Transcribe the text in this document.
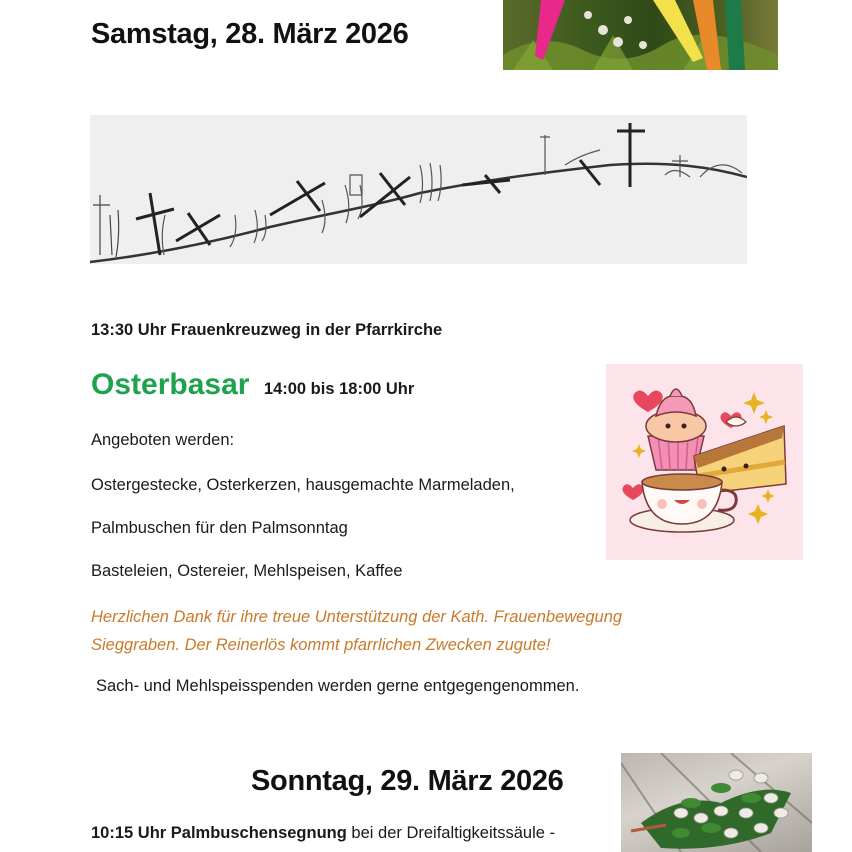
Samstag, 28. März 2026
13:30 Uhr Frauenkreuzweg in der Pfarrkirche
Osterbasar 14:00 bis 18:00 Uhr
Angeboten werden:
Ostergestecke, Osterkerzen, hausgemachte Marmeladen,
Palmbuschen für den Palmsonntag
Basteleien, Ostereier, Mehlspeisen, Kaffee
Herzlichen Dank für ihre treue Unterstützung der Kath. Frauenbewegung
Sieggraben. Der Reinerlös kommt pfarrlichen Zwecken zugute!
Sach- und Mehlspeisspenden werden gerne entgegengenommen.
Sonntag, 29. März 2026
10:15 Uhr Palmbuschensegnung bei der Dreifaltigkeitssäule -
